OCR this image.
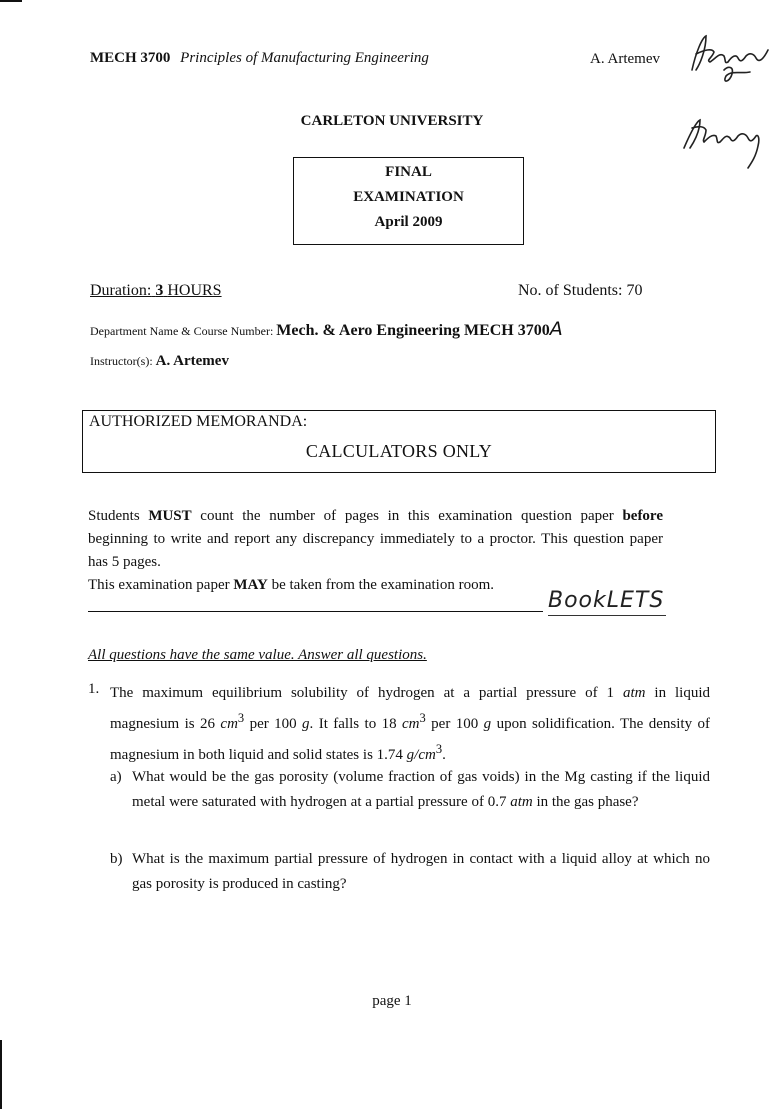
MECH 3700 Principles of Manufacturing Engineering	A. Artemev
CARLETON UNIVERSITY
FINAL
EXAMINATION
April 2009
Duration: 3 HOURS	No. of Students: 70
Department Name & Course Number: Mech. & Aero Engineering MECH 3700A
Instructor(s): A. Artemev
AUTHORIZED MEMORANDA:
CALCULATORS ONLY

Students MUST count the number of pages in this examination question paper before beginning to write and report any discrepancy immediately to a proctor. This question paper has 5 pages.

This examination paper MAY be taken from the examination room.

BookLETS
All questions have the same value. Answer all questions.
1. The maximum equilibrium solubility of hydrogen at a partial pressure of 1 atm in liquid magnesium is 26 $cm^3$ per 100 g. It falls to 18 $cm^3$ per 100 g upon solidification. The density of magnesium in both liquid and solid states is 1.74 $g/cm^3$.
a) What would be the gas porosity (volume fraction of gas voids) in the Mg casting if the liquid metal were saturated with hydrogen at a partial pressure of 0.7 atm in the gas phase?
b) What is the maximum partial pressure of hydrogen in contact with a liquid alloy at which no gas porosity is produced in casting?
page 1
